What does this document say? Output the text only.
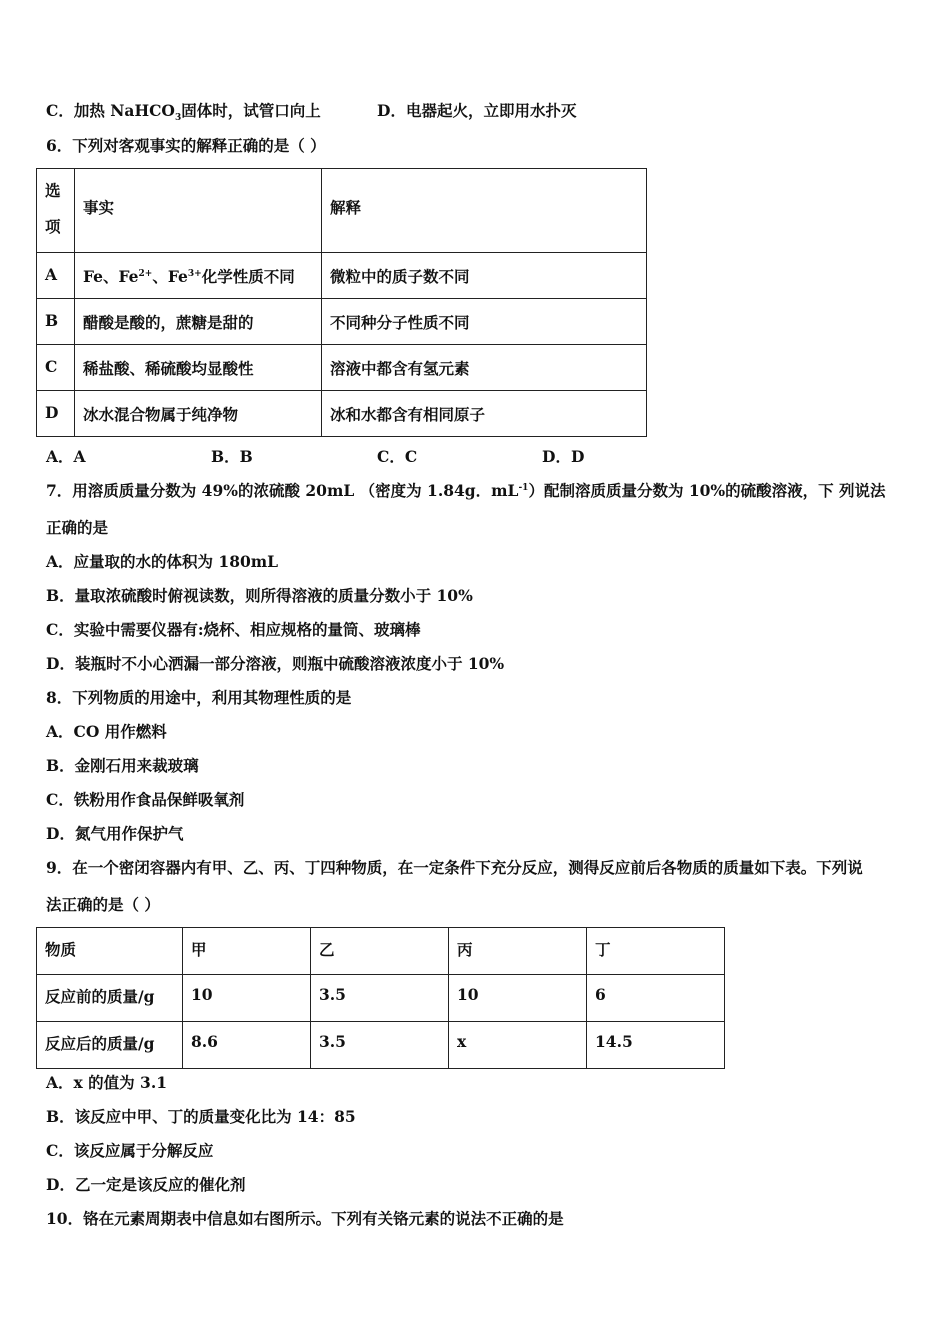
C．加热 NaHCO$_3$固体时，试管口向上	D．电器起火，立即用水扑灭
6．下列对客观事实的解释正确的是（ ）
选
项	事实	解释
A	Fe、$Fe^{2+}$、$Fe^{3+}$化学性质不同	微粒中的质子数不同
B	醋酸是酸的，蔗糖是甜的	不同种分子性质不同
C	稀盐酸、稀硫酸均显酸性	溶液中都含有氢元素
D	冰水混合物属于纯净物	冰和水都含有相同原子
A．A	B．B	C．C	D．D
7．用溶质质量分数为 49%的浓硫酸 20mL （密度为 1.84g．$mL^{-1}$）配制溶质质量分数为 10%的硫酸溶液，下 列说法
正确的是
A．应量取的水的体积为 180mL
B．量取浓硫酸时俯视读数，则所得溶液的质量分数小于 10%
C．实验中需要仪器有:烧杯、相应规格的量筒、玻璃棒
D．装瓶时不小心洒漏一部分溶液，则瓶中硫酸溶液浓度小于 10%
8．下列物质的用途中，利用其物理性质的是
A．CO 用作燃料
B．金刚石用来裁玻璃
C．铁粉用作食品保鲜吸氧剂
D．氮气用作保护气
9．在一个密闭容器内有甲、乙、丙、丁四种物质，在一定条件下充分反应，测得反应前后各物质的质量如下表。下列说
法正确的是（ ）
物质	甲	乙	丙	丁
反应前的质量/g	10	3.5	10	6
反应后的质量/g	8.6	3.5	x	14.5
A．x 的值为 3.1
B．该反应中甲、丁的质量变化比为 14：85
C．该反应属于分解反应
D．乙一定是该反应的催化剂
10．铬在元素周期表中信息如右图所示。下列有关铬元素的说法不正确的是
